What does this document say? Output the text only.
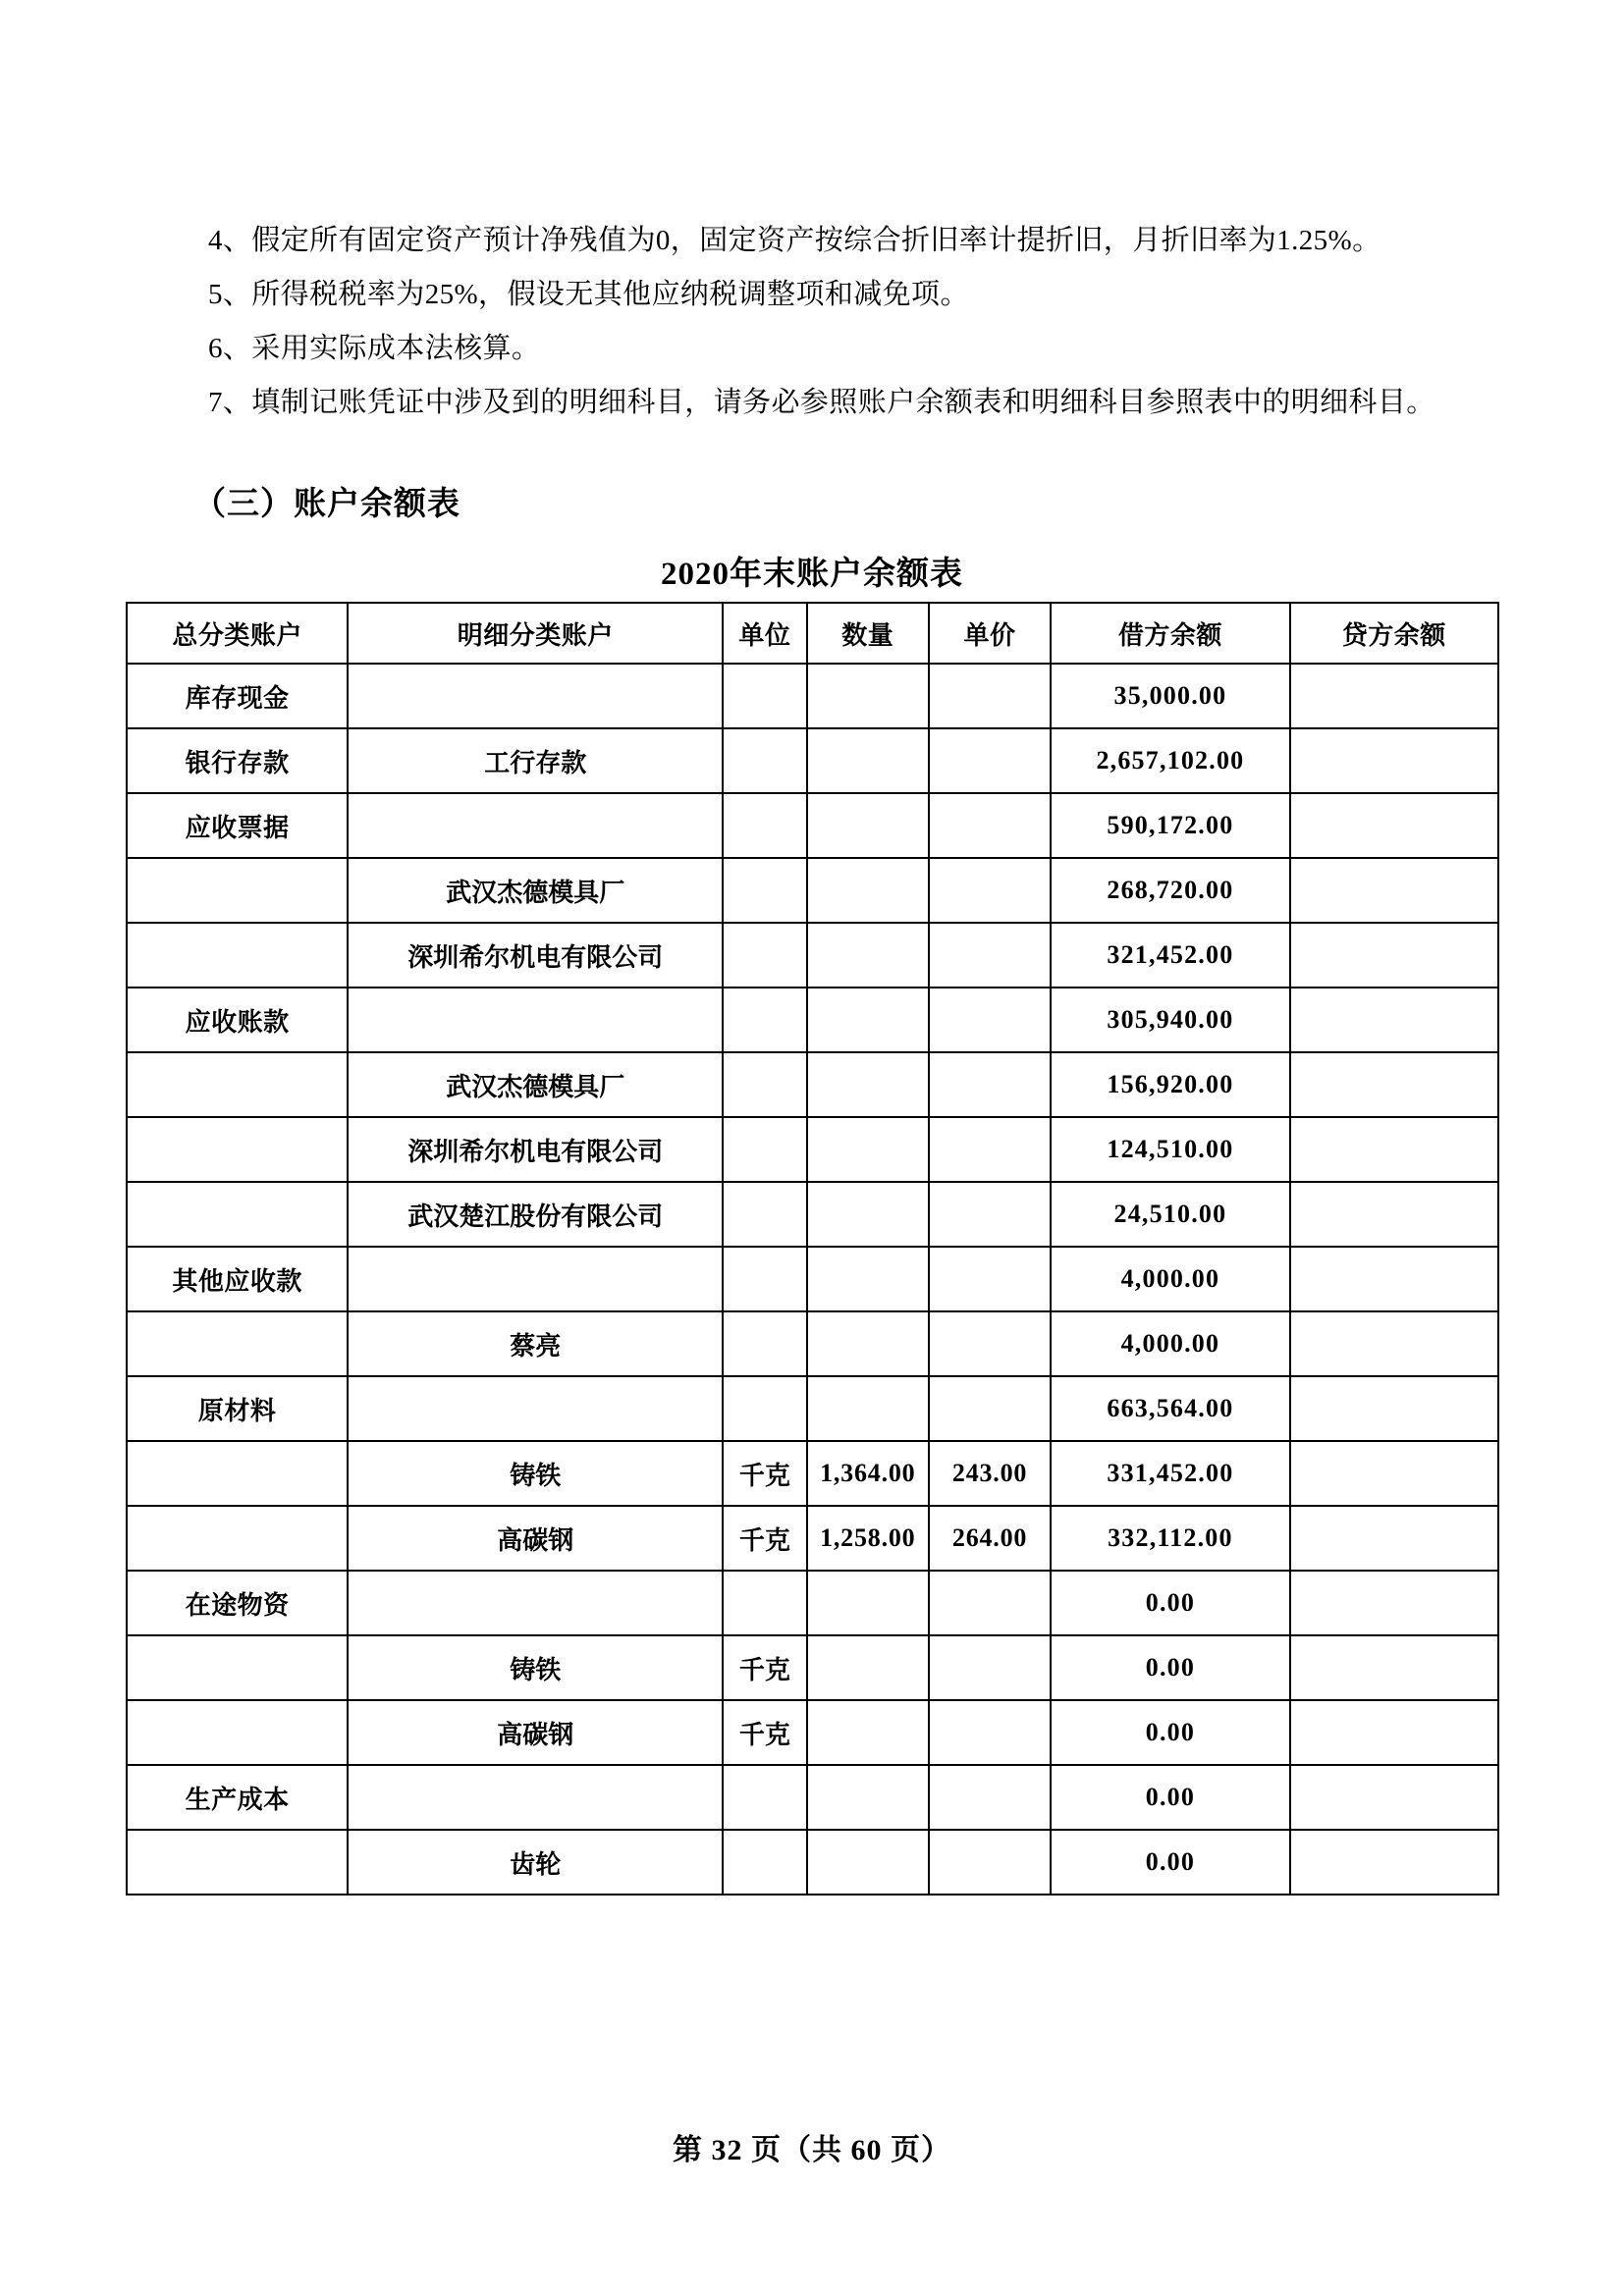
4、假定所有固定资产预计净残值为0，固定资产按综合折旧率计提折旧，月折旧率为1.25%。

5、所得税税率为25%，假设无其他应纳税调整项和减免项。

6、采用实际成本法核算。

7、填制记账凭证中涉及到的明细科目，请务必参照账户余额表和明细科目参照表中的明细科目。

（三）账户余额表
2020年末账户余额表
总分类账户	明细分类账户	单位	数量	单价	借方余额	贷方余额
库存现金					35,000.00	
银行存款	工行存款				2,657,102.00	
应收票据					590,172.00	
	武汉杰德模具厂				268,720.00	
	深圳希尔机电有限公司				321,452.00	
应收账款					305,940.00	
	武汉杰德模具厂				156,920.00	
	深圳希尔机电有限公司				124,510.00	
	武汉楚江股份有限公司				24,510.00	
其他应收款					4,000.00	
	蔡亮				4,000.00	
原材料					663,564.00	
	铸铁	千克	1,364.00	243.00	331,452.00	
	高碳钢	千克	1,258.00	264.00	332,112.00	
在途物资					0.00	
	铸铁	千克			0.00	
	高碳钢	千克			0.00	
生产成本					0.00	
	齿轮				0.00	
第 32 页（共 60 页）
